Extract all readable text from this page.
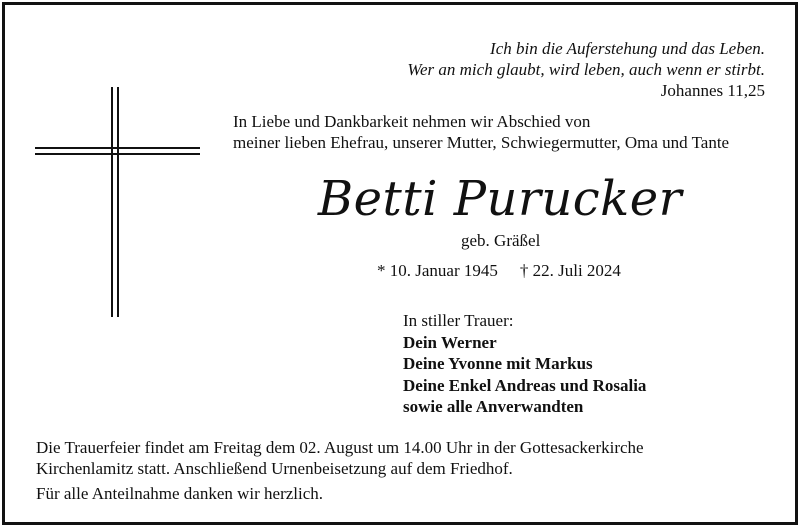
Ich bin die Auferstehung und das Leben.
Wer an mich glaubt, wird leben, auch wenn er stirbt.
Johannes 11,25
In Liebe und Dankbarkeit nehmen wir Abschied von
meiner lieben Ehefrau, unserer Mutter, Schwiegermutter, Oma und Tante
Betti Purucker
geb. Gräßel
* 10. Januar 1945 † 22. Juli 2024
In stiller Trauer:
Dein Werner
Deine Yvonne mit Markus
Deine Enkel Andreas und Rosalia
sowie alle Anverwandten
Die Trauerfeier findet am Freitag dem 02. August um 14.00 Uhr in der Gottesackerkirche
Kirchenlamitz statt. Anschließend Urnenbeisetzung auf dem Friedhof.
Für alle Anteilnahme danken wir herzlich.
